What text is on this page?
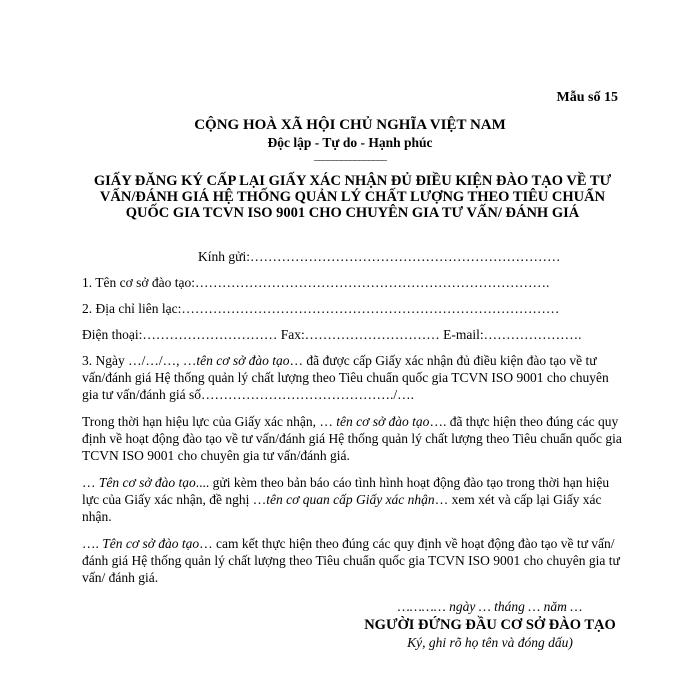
Mẫu số 15
CỘNG HOÀ XÃ HỘI CHỦ NGHĨA VIỆT NAM
Độc lập - Tự do - Hạnh phúc
________________
GIẤY ĐĂNG KÝ CẤP LẠI GIẤY XÁC NHẬN ĐỦ ĐIỀU KIỆN ĐÀO TẠO VỀ TƯ VẤN/ĐÁNH GIÁ HỆ THỐNG QUẢN LÝ CHẤT LƯỢNG THEO TIÊU CHUẨN QUỐC GIA TCVN ISO 9001 CHO CHUYÊN GIA TƯ VẤN/ ĐÁNH GIÁ
Kính gửi:……………………………………………………………
1. Tên cơ sở đào tạo:…………………………………………………………………….
2. Địa chỉ liên lạc:…………………………………………………………………………
Điện thoại:………………………… Fax:………………………… E-mail:………………….
3. Ngày …/…/…, …tên cơ sở đào tạo… đã được cấp Giấy xác nhận đủ điều kiện đào tạo về tư vấn/đánh giá Hệ thống quản lý chất lượng theo Tiêu chuẩn quốc gia TCVN ISO 9001 cho chuyên gia tư vấn/đánh giá số……………………………………./….
Trong thời hạn hiệu lực của Giấy xác nhận, … tên cơ sở đào tạo…. đã thực hiện theo đúng các quy định về hoạt động đào tạo về tư vấn/đánh giá Hệ thống quản lý chất lượng theo Tiêu chuẩn quốc gia TCVN ISO 9001 cho chuyên gia tư vấn/đánh giá.
… Tên cơ sở đào tạo.... gửi kèm theo bản báo cáo tình hình hoạt động đào tạo trong thời hạn hiệu lực của Giấy xác nhận, đề nghị …tên cơ quan cấp Giấy xác nhận… xem xét và cấp lại Giấy xác nhận.
…. Tên cơ sở đào tạo… cam kết thực hiện theo đúng các quy định về hoạt động đào tạo về tư vấn/đánh giá Hệ thống quản lý chất lượng theo Tiêu chuẩn quốc gia TCVN ISO 9001 cho chuyên gia tư vấn/ đánh giá.
………… ngày … tháng … năm …
NGƯỜI ĐỨNG ĐẦU CƠ SỞ ĐÀO TẠO
Ký, ghi rõ họ tên và đóng dấu)
